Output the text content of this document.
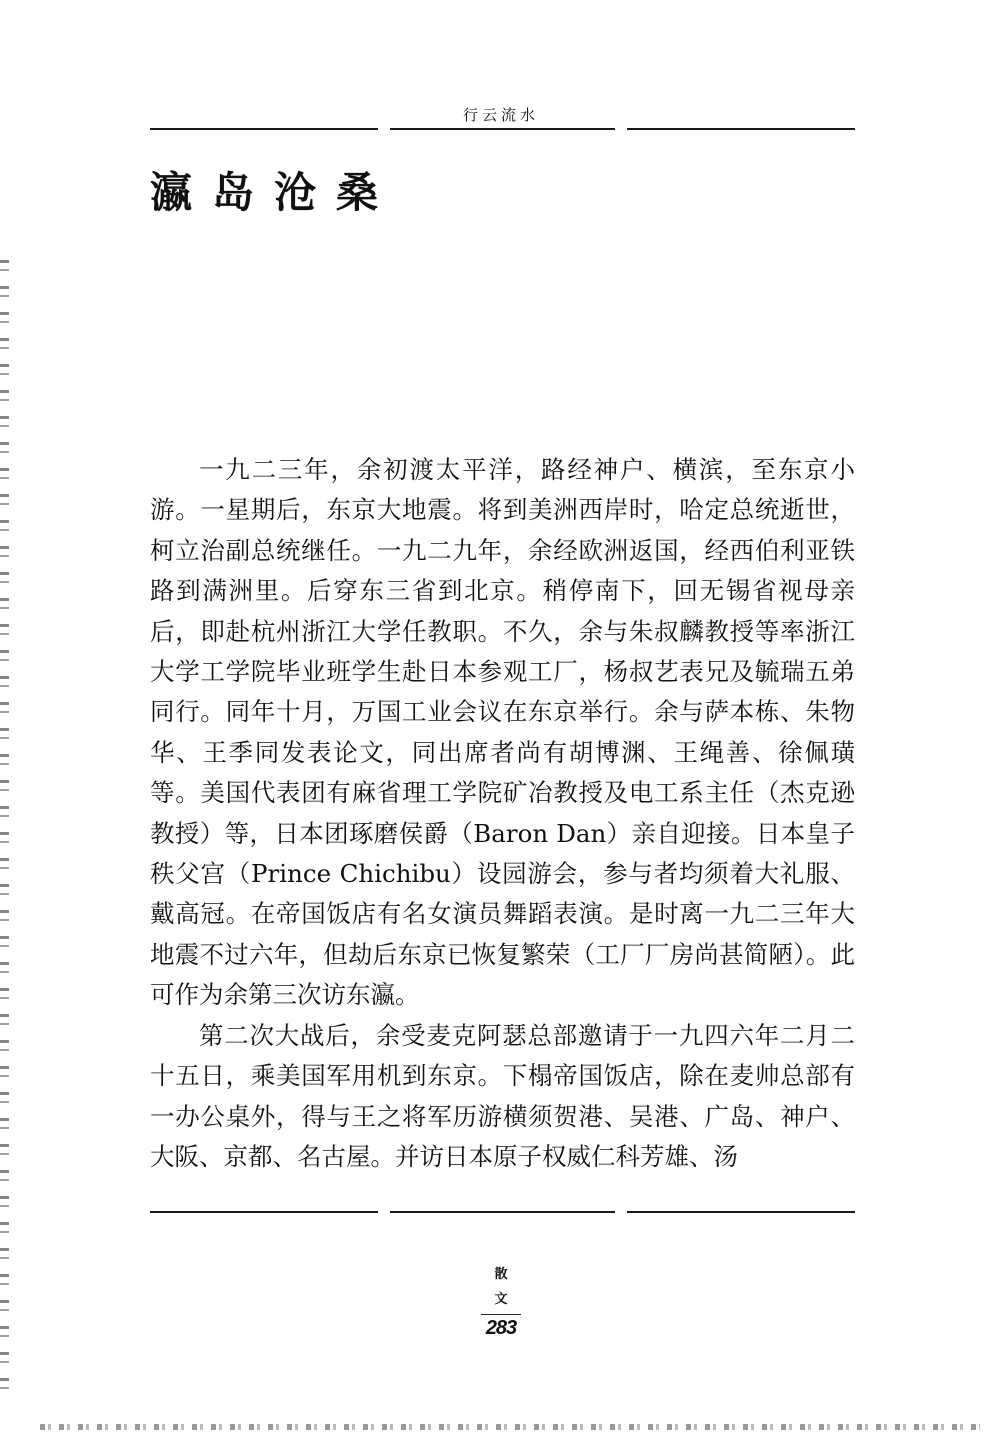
行云流水
瀛岛沧桑

一九二三年，余初渡太平洋，路经神户、横滨，至东京小游。一星期后，东京大地震。将到美洲西岸时，哈定总统逝世，柯立治副总统继任。一九二九年，余经欧洲返国，经西伯利亚铁路到满洲里。后穿东三省到北京。稍停南下，回无锡省视母亲后，即赴杭州浙江大学任教职。不久，余与朱叔麟教授等率浙江大学工学院毕业班学生赴日本参观工厂，杨叔艺表兄及毓瑞五弟同行。同年十月，万国工业会议在东京举行。余与萨本栋、朱物华、王季同发表论文，同出席者尚有胡博渊、王绳善、徐佩璜等。美国代表团有麻省理工学院矿冶教授及电工系主任（杰克逊教授）等，日本团琢磨侯爵（Baron Dan）亲自迎接。日本皇子秩父宫（Prince Chichibu）设园游会，参与者均须着大礼服、戴高冠。在帝国饭店有名女演员舞蹈表演。是时离一九二三年大地震不过六年，但劫后东京已恢复繁荣（工厂厂房尚甚简陋）。此可作为余第三次访东瀛。

第二次大战后，余受麦克阿瑟总部邀请于一九四六年二月二十五日，乘美国军用机到东京。下榻帝国饭店，除在麦帅总部有一办公桌外，得与王之将军历游横须贺港、吴港、广岛、神户、大阪、京都、名古屋。并访日本原子权威仁科芳雄、汤

散
文
283
